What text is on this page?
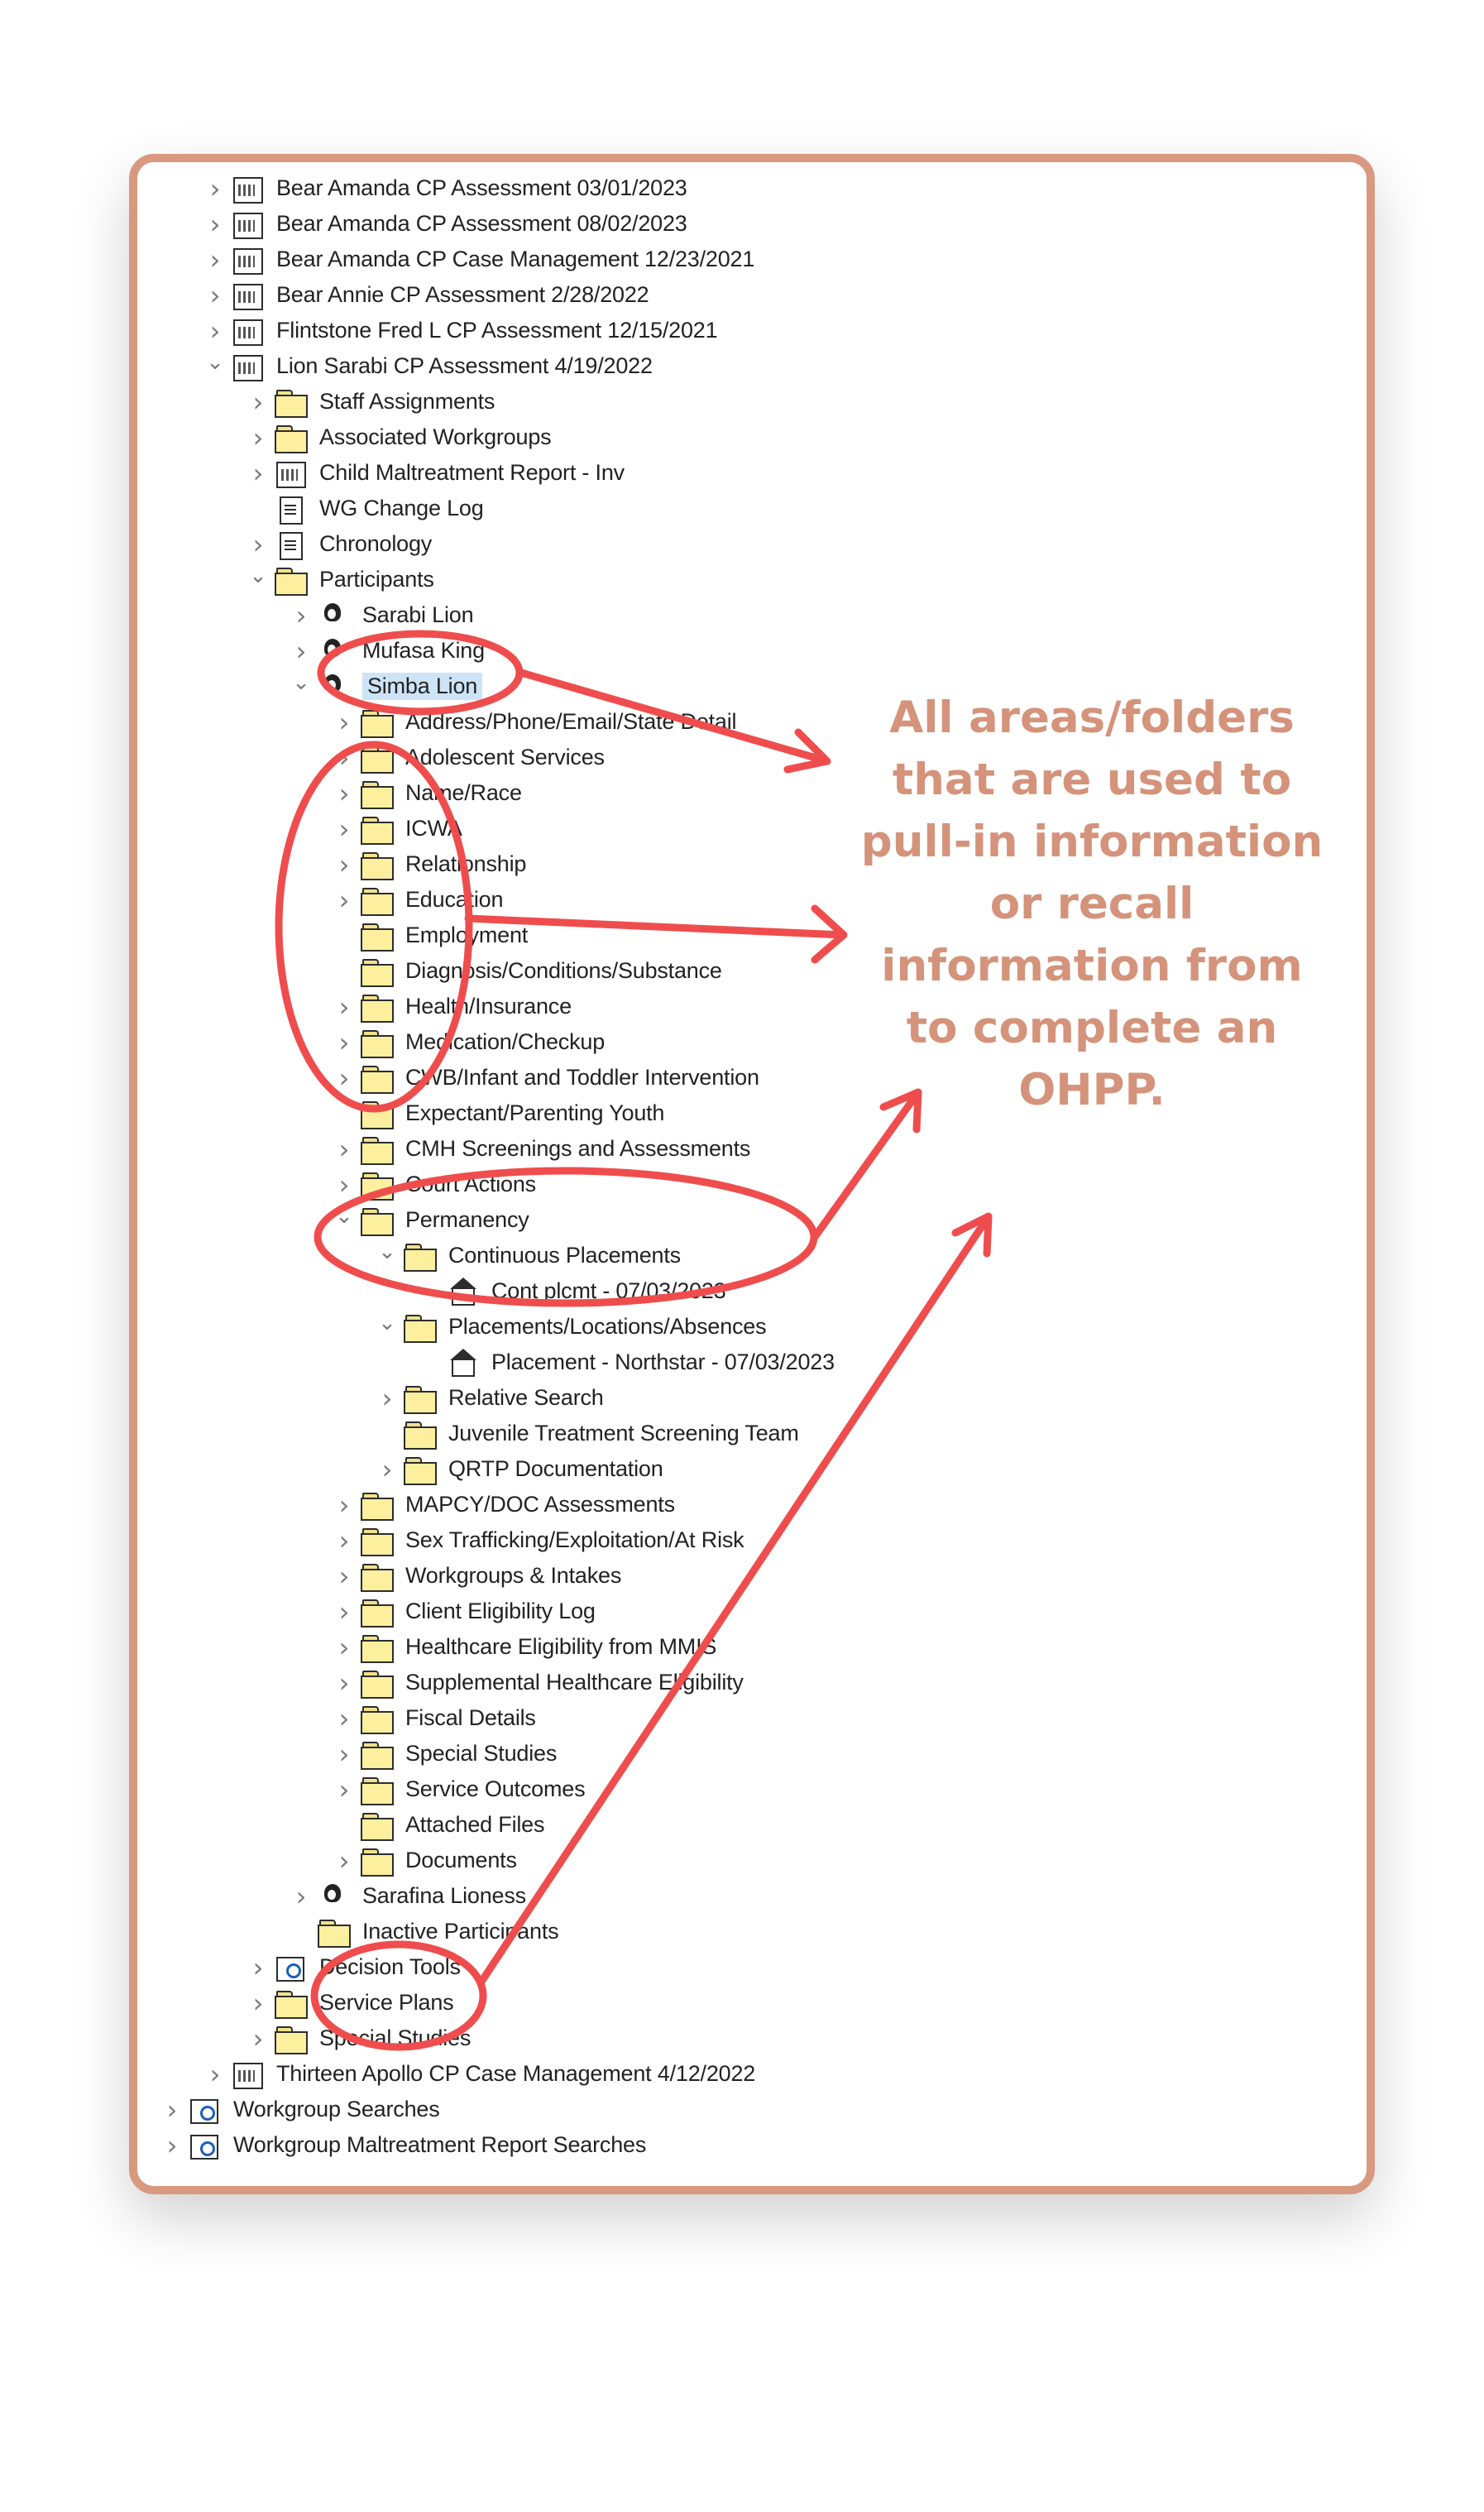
›	Bear Amanda CP Assessment 03/01/2023
›	Bear Amanda CP Assessment 08/02/2023
›	Bear Amanda CP Case Management 12/23/2021
›	Bear Annie CP Assessment 2/28/2022
›	Flintstone Fred L CP Assessment 12/15/2021
⌄ Lion Sarabi CP Assessment 4/19/2022
›	Staff Assignments
›	Associated Workgroups
›	Child Maltreatment Report - Inv
WG Change Log
›	Chronology
⌄ Participants
›	Sarabi Lion
›	Mufasa King
⌄	Simba Lion
›	Address/Phone/Email/State Detail
›	Adolescent Services
›	Name/Race
›	ICWA
›	Relationship
›	Education
Employment
Diagnosis/Conditions/Substance
›	Health/Insurance
›	Medication/Checkup
›	CWB/Infant and Toddler Intervention
Expectant/Parenting Youth
›	CMH Screenings and Assessments
›	Court Actions
⌄ Permanency
⌄ Continuous Placements
Cont plcmt - 07/03/2023
⌄ Placements/Locations/Absences
Placement - Northstar - 07/03/2023
›	Relative Search
Juvenile Treatment Screening Team
›	QRTP Documentation
›	MAPCY/DOC Assessments
›	Sex Trafficking/Exploitation/At Risk
›	Workgroups & Intakes
›	Client Eligibility Log
›	Healthcare Eligibility from MMIS
›	Supplemental Healthcare Eligibility
›	Fiscal Details
›	Special Studies
›	Service Outcomes
Attached Files
›	Documents
›	Sarafina Lioness
Inactive Participants
›	Decision Tools
›	Service Plans
›	Special Studies
›	Thirteen Apollo CP Case Management 4/12/2022
›	Workgroup Searches
›	Workgroup Maltreatment Report Searches
All areas/folders that are used to pull-in information or recall information from to complete an OHPP.
